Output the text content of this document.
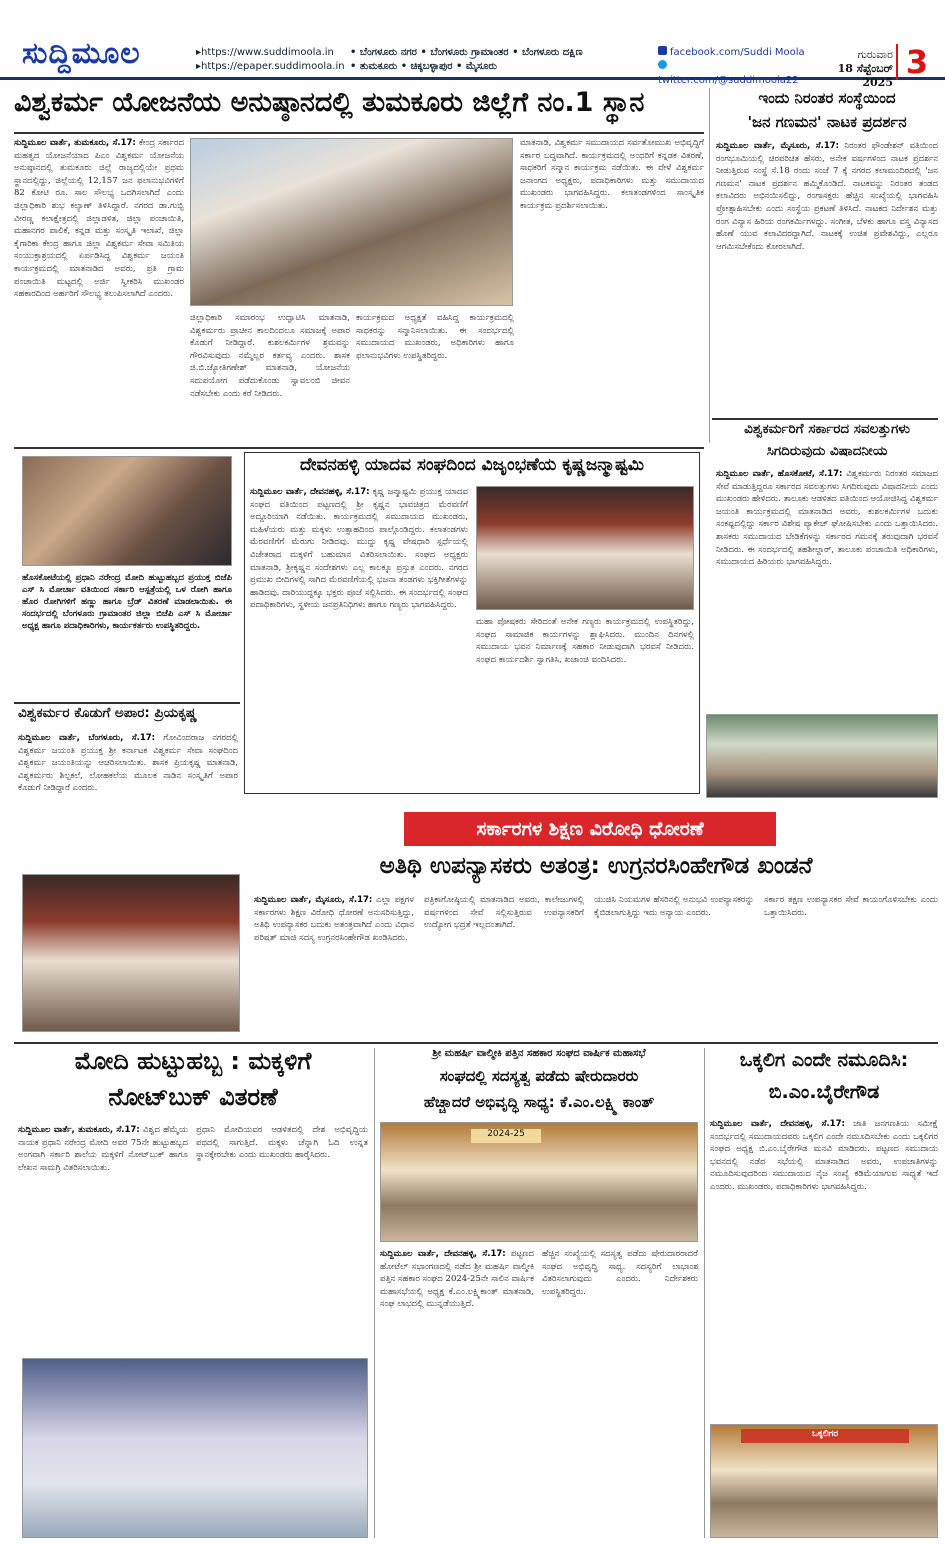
ಸುದ್ದಿಮೂಲ	▸https://www.suddimoola.in
▸https://epaper.suddimoola.in
• ಬೆಂಗಳೂರು ನಗರ • ಬೆಂಗಳೂರು ಗ್ರಾಮಾಂತರ • ಬೆಂಗಳೂರು ದಕ್ಷಿಣ
• ತುಮಕೂರು • ಚಿಕ್ಕಬಳ್ಳಾಪುರ • ಮೈಸೂರು
facebook.com/Suddi Moola
twitter.com/@suddimoola22
ಗುರುವಾರ
18 ಸೆಪ್ಟೆಂಬರ್ 2025
3
ವಿಶ್ವಕರ್ಮ ಯೋಜನೆಯ ಅನುಷ್ಠಾನದಲ್ಲಿ ತುಮಕೂರು ಜಿಲ್ಲೆಗೆ ನಂ.1 ಸ್ಥಾನ
ಸುದ್ದಿಮೂಲ ವಾರ್ತೆ, ತುಮಕೂರು, ಸೆ.17: ಕೇಂದ್ರ ಸರ್ಕಾರದ ಮಹತ್ವದ ಯೋಜನೆಯಾದ ಪಿಎಂ ವಿಶ್ವಕರ್ಮ ಯೋಜನೆಯ ಅನುಷ್ಠಾನದಲ್ಲಿ ತುಮಕೂರು ಜಿಲ್ಲೆ ರಾಜ್ಯದಲ್ಲಿಯೇ ಪ್ರಥಮ ಸ್ಥಾನದಲ್ಲಿದ್ದು, ಜಿಲ್ಲೆಯಲ್ಲಿ 12,157 ಜನ ಫಲಾನುಭವಿಗಳಿಗೆ 82 ಕೋಟಿ ರೂ. ಸಾಲ ಸೌಲಭ್ಯ ಒದಗಿಸಲಾಗಿದೆ ಎಂದು ಜಿಲ್ಲಾಧಿಕಾರಿ ಶುಭ ಕಲ್ಯಾಣ್ ತಿಳಿಸಿದ್ದಾರೆ. ನಗರದ ಡಾ.ಗುಬ್ಬಿ ವೀರಣ್ಣ ಕಲಾಕ್ಷೇತ್ರದಲ್ಲಿ ಜಿಲ್ಲಾಡಳಿತ, ಜಿಲ್ಲಾ ಪಂಚಾಯಿತಿ, ಮಹಾನಗರ ಪಾಲಿಕೆ, ಕನ್ನಡ ಮತ್ತು ಸಂಸ್ಕೃತಿ ಇಲಾಖೆ, ಜಿಲ್ಲಾ ಕೈಗಾರಿಕಾ ಕೇಂದ್ರ ಹಾಗೂ ಜಿಲ್ಲಾ ವಿಶ್ವಕರ್ಮ ಸೇವಾ ಸಮಿತಿಯ ಸಂಯುಕ್ತಾಶ್ರಯದಲ್ಲಿ ಏರ್ಪಡಿಸಿದ್ದ ವಿಶ್ವಕರ್ಮ ಜಯಂತಿ ಕಾರ್ಯಕ್ರಮದಲ್ಲಿ ಮಾತನಾಡಿದ ಅವರು, ಪ್ರತಿ ಗ್ರಾಮ ಪಂಚಾಯಿತಿ ಮಟ್ಟದಲ್ಲಿ ಅರ್ಜಿ ಸ್ವೀಕರಿಸಿ ಮುಖಂಡರ ಸಹಕಾರದಿಂದ ಅರ್ಹರಿಗೆ ಸೌಲಭ್ಯ ತಲುಪಿಸಲಾಗಿದೆ ಎಂದರು.
ಜಿಲ್ಲಾಧಿಕಾರಿ ಸಮಾರಂಭ ಉದ್ಘಾಟಿಸಿ ಮಾತನಾಡಿ, ವಿಶ್ವಕರ್ಮರು ಪ್ರಾಚೀನ ಕಾಲದಿಂದಲೂ ಸಮಾಜಕ್ಕೆ ಅಪಾರ ಕೊಡುಗೆ ನೀಡಿದ್ದಾರೆ. ಕುಶಲಕರ್ಮಿಗಳ ಶ್ರಮವನ್ನು ಗೌರವಿಸುವುದು ನಮ್ಮೆಲ್ಲರ ಕರ್ತವ್ಯ ಎಂದರು. ಶಾಸಕ ಜಿ.ಬಿ.ಜ್ಯೋತಿಗಣೇಶ್ ಮಾತನಾಡಿ, ಯೋಜನೆಯ ಸದುಪಯೋಗ ಪಡೆದುಕೊಂಡು ಸ್ವಾವಲಂಬಿ ಜೀವನ ನಡೆಸಬೇಕು ಎಂದು ಕರೆ ನೀಡಿದರು.
ಕಾರ್ಯಕ್ರಮದ ಅಧ್ಯಕ್ಷತೆ ವಹಿಸಿದ್ದ ಕಾರ್ಯಕ್ರಮದಲ್ಲಿ ಸಾಧಕರನ್ನು ಸನ್ಮಾನಿಸಲಾಯಿತು. ಈ ಸಂದರ್ಭದಲ್ಲಿ ಸಮುದಾಯದ ಮುಖಂಡರು, ಅಧಿಕಾರಿಗಳು ಹಾಗೂ ಫಲಾನುಭವಿಗಳು ಉಪಸ್ಥಿತರಿದ್ದರು.
ಮಾತನಾಡಿ, ವಿಶ್ವಕರ್ಮ ಸಮುದಾಯದ ಸರ್ವತೋಮುಖ ಅಭಿವೃದ್ಧಿಗೆ ಸರ್ಕಾರ ಬದ್ಧವಾಗಿದೆ. ಕಾರ್ಯಕ್ರಮದಲ್ಲಿ ಅಂಧರಿಗೆ ಕನ್ನಡಕ ವಿತರಣೆ, ಸಾಧಕರಿಗೆ ಸನ್ಮಾನ ಕಾರ್ಯಕ್ರಮ ನಡೆಯಿತು. ಈ ವೇಳೆ ವಿಶ್ವಕರ್ಮ ಜನಾಂಗದ ಅಧ್ಯಕ್ಷರು, ಪದಾಧಿಕಾರಿಗಳು ಮತ್ತು ಸಮುದಾಯದ ಮುಖಂಡರು ಭಾಗವಹಿಸಿದ್ದರು. ಕಲಾತಂಡಗಳಿಂದ ಸಾಂಸ್ಕೃತಿಕ ಕಾರ್ಯಕ್ರಮ ಪ್ರದರ್ಶಿಸಲಾಯಿತು.
ಇಂದು ನಿರಂತರ ಸಂಸ್ಥೆಯಿಂದ
'ಜನ ಗಣಮನ' ನಾಟಕ ಪ್ರದರ್ಶನ
ಸುದ್ದಿಮೂಲ ವಾರ್ತೆ, ಮೈಸೂರು, ಸೆ.17: ನಿರಂತರ ಫೌಂಡೇಶನ್ ವತಿಯಿಂದ ರಂಗಭೂಮಿಯಲ್ಲಿ ಚಿರಪರಿಚಿತ ಹೆಸರು, ಅನೇಕ ವರ್ಷಗಳಿಂದ ನಾಟಕ ಪ್ರದರ್ಶನ ನೀಡುತ್ತಿರುವ ಸಂಸ್ಥೆ ಸೆ.18 ರಂದು ಸಂಜೆ 7 ಕ್ಕೆ ನಗರದ ಕಲಾಮಂದಿರದಲ್ಲಿ 'ಜನ ಗಣಮನ' ನಾಟಕ ಪ್ರದರ್ಶನ ಹಮ್ಮಿಕೊಂಡಿದೆ. ನಾಟಕವನ್ನು ನಿರಂತರ ತಂಡದ ಕಲಾವಿದರು ಅಭಿನಯಿಸಲಿದ್ದು, ರಂಗಾಸಕ್ತರು ಹೆಚ್ಚಿನ ಸಂಖ್ಯೆಯಲ್ಲಿ ಭಾಗವಹಿಸಿ ಪ್ರೋತ್ಸಾಹಿಸಬೇಕು ಎಂದು ಸಂಸ್ಥೆಯ ಪ್ರಕಟಣೆ ತಿಳಿಸಿದೆ. ನಾಟಕದ ನಿರ್ದೇಶನ ಮತ್ತು ರಂಗ ವಿನ್ಯಾಸ ಹಿರಿಯ ರಂಗಕರ್ಮಿಗಳದ್ದು. ಸಂಗೀತ, ಬೆಳಕು ಹಾಗೂ ವಸ್ತ್ರ ವಿನ್ಯಾಸದ ಹೊಣೆ ಯುವ ಕಲಾವಿದರದ್ದಾಗಿದೆ. ನಾಟಕಕ್ಕೆ ಉಚಿತ ಪ್ರವೇಶವಿದ್ದು, ಎಲ್ಲರೂ ಆಗಮಿಸಬೇಕೆಂದು ಕೋರಲಾಗಿದೆ.
ವಿಶ್ವಕರ್ಮರಿಗೆ ಸರ್ಕಾರದ ಸವಲತ್ತುಗಳು
ಸಿಗದಿರುವುದು ವಿಷಾದನೀಯ
ಸುದ್ದಿಮೂಲ ವಾರ್ತೆ, ಹೊಸಕೋಟೆ, ಸೆ.17: ವಿಶ್ವಕರ್ಮರು ನಿರಂತರ ಸಮಾಜದ ಸೇವೆ ಮಾಡುತ್ತಿದ್ದರೂ ಸರ್ಕಾರದ ಸವಲತ್ತುಗಳು ಸಿಗದಿರುವುದು ವಿಷಾದನೀಯ ಎಂದು ಮುಖಂಡರು ಹೇಳಿದರು. ತಾಲೂಕು ಆಡಳಿತದ ವತಿಯಿಂದ ಆಯೋಜಿಸಿದ್ದ ವಿಶ್ವಕರ್ಮ ಜಯಂತಿ ಕಾರ್ಯಕ್ರಮದಲ್ಲಿ ಮಾತನಾಡಿದ ಅವರು, ಕುಶಲಕರ್ಮಿಗಳ ಬದುಕು ಸಂಕಷ್ಟದಲ್ಲಿದ್ದು ಸರ್ಕಾರ ವಿಶೇಷ ಪ್ಯಾಕೇಜ್ ಘೋಷಿಸಬೇಕು ಎಂದು ಒತ್ತಾಯಿಸಿದರು. ಶಾಸಕರು ಸಮುದಾಯದ ಬೇಡಿಕೆಗಳನ್ನು ಸರ್ಕಾರದ ಗಮನಕ್ಕೆ ತರುವುದಾಗಿ ಭರವಸೆ ನೀಡಿದರು. ಈ ಸಂದರ್ಭದಲ್ಲಿ ತಹಶೀಲ್ದಾರ್, ತಾಲೂಕು ಪಂಚಾಯಿತಿ ಅಧಿಕಾರಿಗಳು, ಸಮುದಾಯದ ಹಿರಿಯರು ಭಾಗವಹಿಸಿದ್ದರು.
ಹೊಸಕೋಟೆಯಲ್ಲಿ ಪ್ರಧಾನಿ ನರೇಂದ್ರ ಮೋದಿ ಹುಟ್ಟುಹಬ್ಬದ ಪ್ರಯುಕ್ತ ಬಿಜೆಪಿ ಎಸ್ ಸಿ ಮೋರ್ಚಾ ವತಿಯಿಂದ ಸರ್ಕಾರಿ ಆಸ್ಪತ್ರೆಯಲ್ಲಿ ಒಳ ರೋಗಿ ಹಾಗೂ ಹೊರ ರೋಗಿಗಳಿಗೆ ಹಣ್ಣು ಹಾಗೂ ಬ್ರೆಡ್ ವಿತರಣೆ ಮಾಡಲಾಯಿತು. ಈ ಸಂದರ್ಭದಲ್ಲಿ ಬೆಂಗಳೂರು ಗ್ರಾಮಾಂತರ ಜಿಲ್ಲಾ ಬಿಜೆಪಿ ಎಸ್ ಸಿ ಮೋರ್ಚಾ ಅಧ್ಯಕ್ಷ ಹಾಗೂ ಪದಾಧಿಕಾರಿಗಳು, ಕಾರ್ಯಕರ್ತರು ಉಪಸ್ಥಿತರಿದ್ದರು.
ದೇವನಹಳ್ಳಿ ಯಾದವ ಸಂಘದಿಂದ ವಿಜೃಂಭಣೆಯ ಕೃಷ್ಣಜನ್ಮಾಷ್ಟಮಿ
ಸುದ್ದಿಮೂಲ ವಾರ್ತೆ, ದೇವನಹಳ್ಳಿ, ಸೆ.17: ಕೃಷ್ಣ ಜನ್ಮಾಷ್ಟಮಿ ಪ್ರಯುಕ್ತ ಯಾದವ ಸಂಘದ ವತಿಯಿಂದ ಪಟ್ಟಣದಲ್ಲಿ ಶ್ರೀ ಕೃಷ್ಣನ ಭಾವಚಿತ್ರದ ಮೆರವಣಿಗೆ ಅದ್ದೂರಿಯಾಗಿ ನಡೆಯಿತು. ಕಾರ್ಯಕ್ರಮದಲ್ಲಿ ಸಮುದಾಯದ ಮುಖಂಡರು, ಮಹಿಳೆಯರು ಮತ್ತು ಮಕ್ಕಳು ಉತ್ಸಾಹದಿಂದ ಪಾಲ್ಗೊಂಡಿದ್ದರು. ಕಲಾತಂಡಗಳು ಮೆರವಣಿಗೆಗೆ ಮೆರುಗು ನೀಡಿದವು. ಮುದ್ದು ಕೃಷ್ಣ ವೇಷಧಾರಿ ಸ್ಪರ್ಧೆಯಲ್ಲಿ ವಿಜೇತರಾದ ಮಕ್ಕಳಿಗೆ ಬಹುಮಾನ ವಿತರಿಸಲಾಯಿತು. ಸಂಘದ ಅಧ್ಯಕ್ಷರು ಮಾತನಾಡಿ, ಶ್ರೀಕೃಷ್ಣನ ಸಂದೇಶಗಳು ಎಲ್ಲ ಕಾಲಕ್ಕೂ ಪ್ರಸ್ತುತ ಎಂದರು. ನಗರದ ಪ್ರಮುಖ ಬೀದಿಗಳಲ್ಲಿ ಸಾಗಿದ ಮೆರವಣಿಗೆಯಲ್ಲಿ ಭಜನಾ ತಂಡಗಳು ಭಕ್ತಿಗೀತೆಗಳನ್ನು ಹಾಡಿದವು. ದಾರಿಯುದ್ದಕ್ಕೂ ಭಕ್ತರು ಪೂಜೆ ಸಲ್ಲಿಸಿದರು. ಈ ಸಂದರ್ಭದಲ್ಲಿ ಸಂಘದ ಪದಾಧಿಕಾರಿಗಳು, ಸ್ಥಳೀಯ ಜನಪ್ರತಿನಿಧಿಗಳು ಹಾಗೂ ಗಣ್ಯರು ಭಾಗವಹಿಸಿದ್ದರು.
ಮಹಾ ಪೋಷಕರು ಸೇರಿದಂತೆ ಅನೇಕ ಗಣ್ಯರು ಕಾರ್ಯಕ್ರಮದಲ್ಲಿ ಉಪಸ್ಥಿತರಿದ್ದು, ಸಂಘದ ಸಾಮಾಜಿಕ ಕಾರ್ಯಗಳನ್ನು ಶ್ಲಾಘಿಸಿದರು. ಮುಂದಿನ ದಿನಗಳಲ್ಲಿ ಸಮುದಾಯ ಭವನ ನಿರ್ಮಾಣಕ್ಕೆ ಸಹಕಾರ ನೀಡುವುದಾಗಿ ಭರವಸೆ ನೀಡಿದರು. ಸಂಘದ ಕಾರ್ಯದರ್ಶಿ ಸ್ವಾಗತಿಸಿ, ಖಜಾಂಚಿ ವಂದಿಸಿದರು.
ವಿಶ್ವಕರ್ಮರ ಕೊಡುಗೆ ಅಪಾರ: ಪ್ರಿಯಕೃಷ್ಣ
ಸುದ್ದಿಮೂಲ ವಾರ್ತೆ, ಬೆಂಗಳೂರು, ಸೆ.17: ಗೋವಿಂದರಾಜ ನಗರದಲ್ಲಿ ವಿಶ್ವಕರ್ಮ ಜಯಂತಿ ಪ್ರಯುಕ್ತ ಶ್ರೀ ಕರ್ನಾಟಕ ವಿಶ್ವಕರ್ಮ ಸೇವಾ ಸಂಘದಿಂದ ವಿಶ್ವಕರ್ಮ ಜಯಂತಿಯನ್ನು ಆಚರಿಸಲಾಯಿತು. ಶಾಸಕ ಪ್ರಿಯಕೃಷ್ಣ ಮಾತನಾಡಿ, ವಿಶ್ವಕರ್ಮರು ಶಿಲ್ಪಕಲೆ, ಲೋಹಕಲೆಯ ಮೂಲಕ ನಾಡಿನ ಸಂಸ್ಕೃತಿಗೆ ಅಪಾರ ಕೊಡುಗೆ ನೀಡಿದ್ದಾರೆ ಎಂದರು.
ಸರ್ಕಾರಗಳ ಶಿಕ್ಷಣ ವಿರೋಧಿ ಧೋರಣೆ
ಅತಿಥಿ ಉಪನ್ಯಾಸಕರು ಅತಂತ್ರ: ಉಗ್ರನರಸಿಂಹೇಗೌಡ ಖಂಡನೆ
ಸುದ್ದಿಮೂಲ ವಾರ್ತೆ, ಮೈಸೂರು, ಸೆ.17: ಎಲ್ಲಾ ಪಕ್ಷಗಳ ಸರ್ಕಾರಗಳು ಶಿಕ್ಷಣ ವಿರೋಧಿ ಧೋರಣೆ ಅನುಸರಿಸುತ್ತಿದ್ದು, ಅತಿಥಿ ಉಪನ್ಯಾಸಕರ ಬದುಕು ಅತಂತ್ರವಾಗಿದೆ ಎಂದು ವಿಧಾನ ಪರಿಷತ್ ಮಾಜಿ ಸದಸ್ಯ ಉಗ್ರನರಸಿಂಹೇಗೌಡ ಖಂಡಿಸಿದರು.
ಪತ್ರಿಕಾಗೋಷ್ಠಿಯಲ್ಲಿ ಮಾತನಾಡಿದ ಅವರು, ಕಾಲೇಜುಗಳಲ್ಲಿ ವರ್ಷಗಳಿಂದ ಸೇವೆ ಸಲ್ಲಿಸುತ್ತಿರುವ ಉಪನ್ಯಾಸಕರಿಗೆ ಉದ್ಯೋಗ ಭದ್ರತೆ ಇಲ್ಲದಂತಾಗಿದೆ.
ಯುಜಿಸಿ ನಿಯಮಗಳ ಹೆಸರಿನಲ್ಲಿ ಅನುಭವಿ ಉಪನ್ಯಾಸಕರನ್ನು ಕೈಬಿಡಲಾಗುತ್ತಿದ್ದು ಇದು ಅನ್ಯಾಯ ಎಂದರು.
ಸರ್ಕಾರ ತಕ್ಷಣ ಉಪನ್ಯಾಸಕರ ಸೇವೆ ಕಾಯಂಗೊಳಿಸಬೇಕು ಎಂದು ಒತ್ತಾಯಿಸಿದರು.
ಮೋದಿ ಹುಟ್ಟುಹಬ್ಬ : ಮಕ್ಕಳಿಗೆ
ನೋಟ್‌ಬುಕ್ ವಿತರಣೆ
ಸುದ್ದಿಮೂಲ ವಾರ್ತೆ, ತುಮಕೂರು, ಸೆ.17: ವಿಶ್ವದ ಹೆಮ್ಮೆಯ ನಾಯಕ ಪ್ರಧಾನಿ ನರೇಂದ್ರ ಮೋದಿ ಅವರ 75ನೇ ಹುಟ್ಟುಹಬ್ಬದ ಅಂಗವಾಗಿ ಸರ್ಕಾರಿ ಶಾಲೆಯ ಮಕ್ಕಳಿಗೆ ನೋಟ್‌ಬುಕ್ ಹಾಗೂ ಲೇಖನ ಸಾಮಗ್ರಿ ವಿತರಿಸಲಾಯಿತು.
ಪ್ರಧಾನಿ ಮೋದಿಯವರ ಆಡಳಿತದಲ್ಲಿ ದೇಶ ಅಭಿವೃದ್ಧಿಯ ಪಥದಲ್ಲಿ ಸಾಗುತ್ತಿದೆ. ಮಕ್ಕಳು ಚೆನ್ನಾಗಿ ಓದಿ ಉನ್ನತ ಸ್ಥಾನಕ್ಕೇರಬೇಕು ಎಂದು ಮುಖಂಡರು ಹಾರೈಸಿದರು.
ಶ್ರೀ ಮಹರ್ಷಿ ವಾಲ್ಮೀಕಿ ಪತ್ತಿನ ಸಹಕಾರ ಸಂಘದ ವಾರ್ಷಿಕ ಮಹಾಸಭೆ
ಸಂಘದಲ್ಲಿ ಸದಸ್ಯತ್ವ ಪಡೆದು ಷೇರುದಾರರು
ಹೆಚ್ಚಾದರೆ ಅಭಿವೃದ್ಧಿ ಸಾಧ್ಯ: ಕೆ.ಎಂ.ಲಕ್ಷ್ಮಿ ಕಾಂತ್
2024-25
ಸುದ್ದಿಮೂಲ ವಾರ್ತೆ, ದೇವನಹಳ್ಳಿ, ಸೆ.17: ಪಟ್ಟಣದ ಹೋಟೆಲ್ ಸಭಾಂಗಣದಲ್ಲಿ ನಡೆದ ಶ್ರೀ ಮಹರ್ಷಿ ವಾಲ್ಮೀಕಿ ಪತ್ತಿನ ಸಹಕಾರ ಸಂಘದ 2024-25ನೇ ಸಾಲಿನ ವಾರ್ಷಿಕ ಮಹಾಸಭೆಯಲ್ಲಿ ಅಧ್ಯಕ್ಷ ಕೆ.ಎಂ.ಲಕ್ಷ್ಮಿಕಾಂತ್ ಮಾತನಾಡಿ, ಸಂಘ ಲಾಭದಲ್ಲಿ ಮುನ್ನಡೆಯುತ್ತಿದೆ.
ಹೆಚ್ಚಿನ ಸಂಖ್ಯೆಯಲ್ಲಿ ಸದಸ್ಯತ್ವ ಪಡೆದು ಷೇರುದಾರರಾದರೆ ಸಂಘದ ಅಭಿವೃದ್ಧಿ ಸಾಧ್ಯ. ಸದಸ್ಯರಿಗೆ ಲಾಭಾಂಶ ವಿತರಿಸಲಾಗುವುದು ಎಂದರು. ನಿರ್ದೇಶಕರು ಉಪಸ್ಥಿತರಿದ್ದರು.
ಒಕ್ಕಲಿಗ ಎಂದೇ ನಮೂದಿಸಿ:
ಬಿ.ಎಂ.ಬೈರೇಗೌಡ
ಸುದ್ದಿಮೂಲ ವಾರ್ತೆ, ದೇವನಹಳ್ಳಿ, ಸೆ.17: ಜಾತಿ ಜನಗಣತಿಯ ಸಮೀಕ್ಷೆ ಸಂದರ್ಭದಲ್ಲಿ ಸಮುದಾಯದವರು ಒಕ್ಕಲಿಗ ಎಂದೇ ನಮೂದಿಸಬೇಕು ಎಂದು ಒಕ್ಕಲಿಗರ ಸಂಘದ ಅಧ್ಯಕ್ಷ ಬಿ.ಎಂ.ಬೈರೇಗೌಡ ಮನವಿ ಮಾಡಿದರು. ಪಟ್ಟಣದ ಸಮುದಾಯ ಭವನದಲ್ಲಿ ನಡೆದ ಸಭೆಯಲ್ಲಿ ಮಾತನಾಡಿದ ಅವರು, ಉಪಜಾತಿಗಳನ್ನು ನಮೂದಿಸುವುದರಿಂದ ಸಮುದಾಯದ ನೈಜ ಸಂಖ್ಯೆ ಕಡಿಮೆಯಾಗುವ ಸಾಧ್ಯತೆ ಇದೆ ಎಂದರು. ಮುಖಂಡರು, ಪದಾಧಿಕಾರಿಗಳು ಭಾಗವಹಿಸಿದ್ದರು.
ಒಕ್ಕಲಿಗರ
